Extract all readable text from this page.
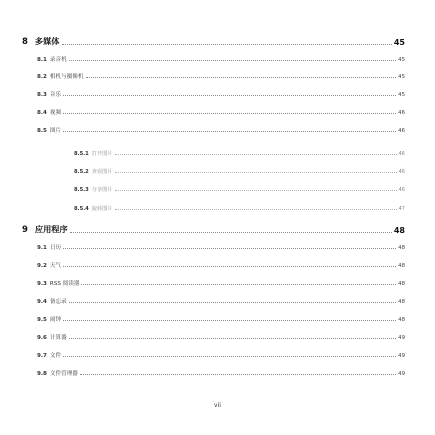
8 多媒体	45
8.1 录音机	45
8.2 相机与摄像机	45
8.3 音乐	45
8.4 视频	46
8.5 图片	46
8.5.1 打开图片	46
8.5.2 查看图片	46
8.5.3 分享图片	46
8.5.4 旋转图片	47
9 应用程序	48
9.1 日历	48
9.2 天气	48
9.3 RSS 阅读器	48
9.4 备忘录	48
9.5 闹钟	48
9.6 计算器	49
9.7 文件	49
9.8 文件管理器	49
vii
